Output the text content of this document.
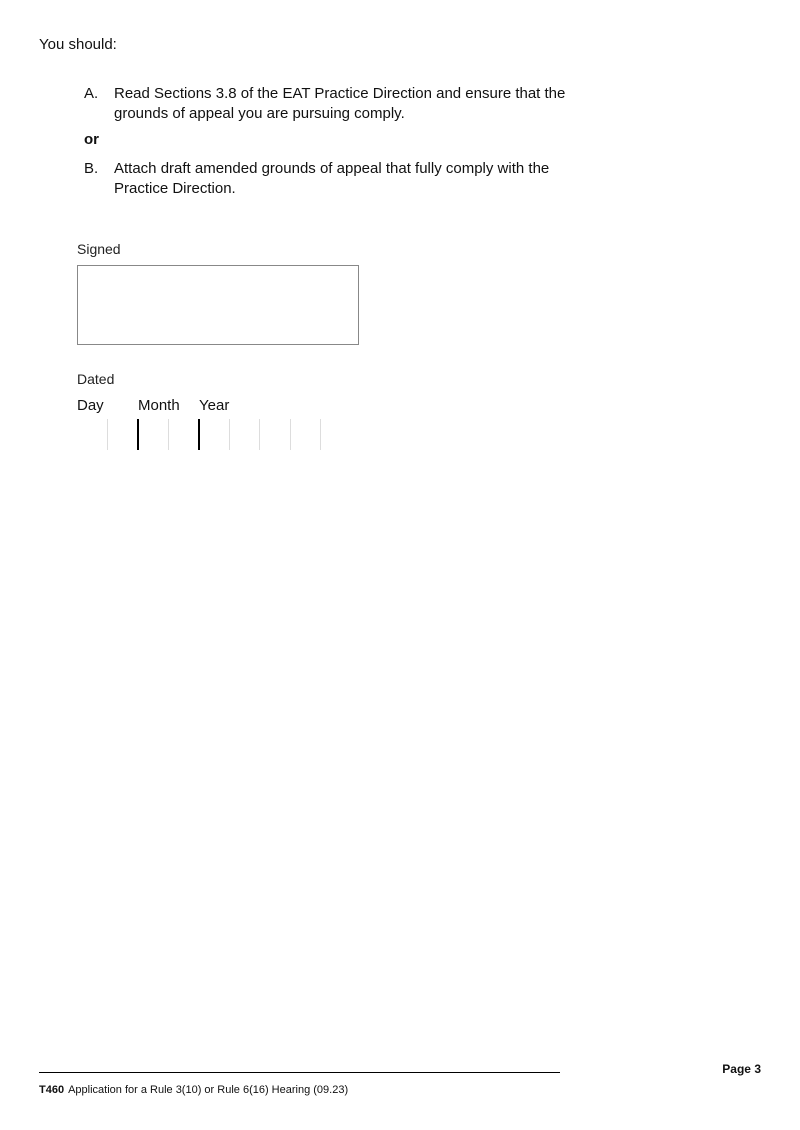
You should:
A. Read Sections 3.8 of the EAT Practice Direction and ensure that the grounds of appeal you are pursuing comply.
or
B. Attach draft amended grounds of appeal that fully comply with the Practice Direction.
Signed
Dated
Day Month Year
Page 3
T460 Application for a Rule 3(10) or Rule 6(16) Hearing (09.23)
